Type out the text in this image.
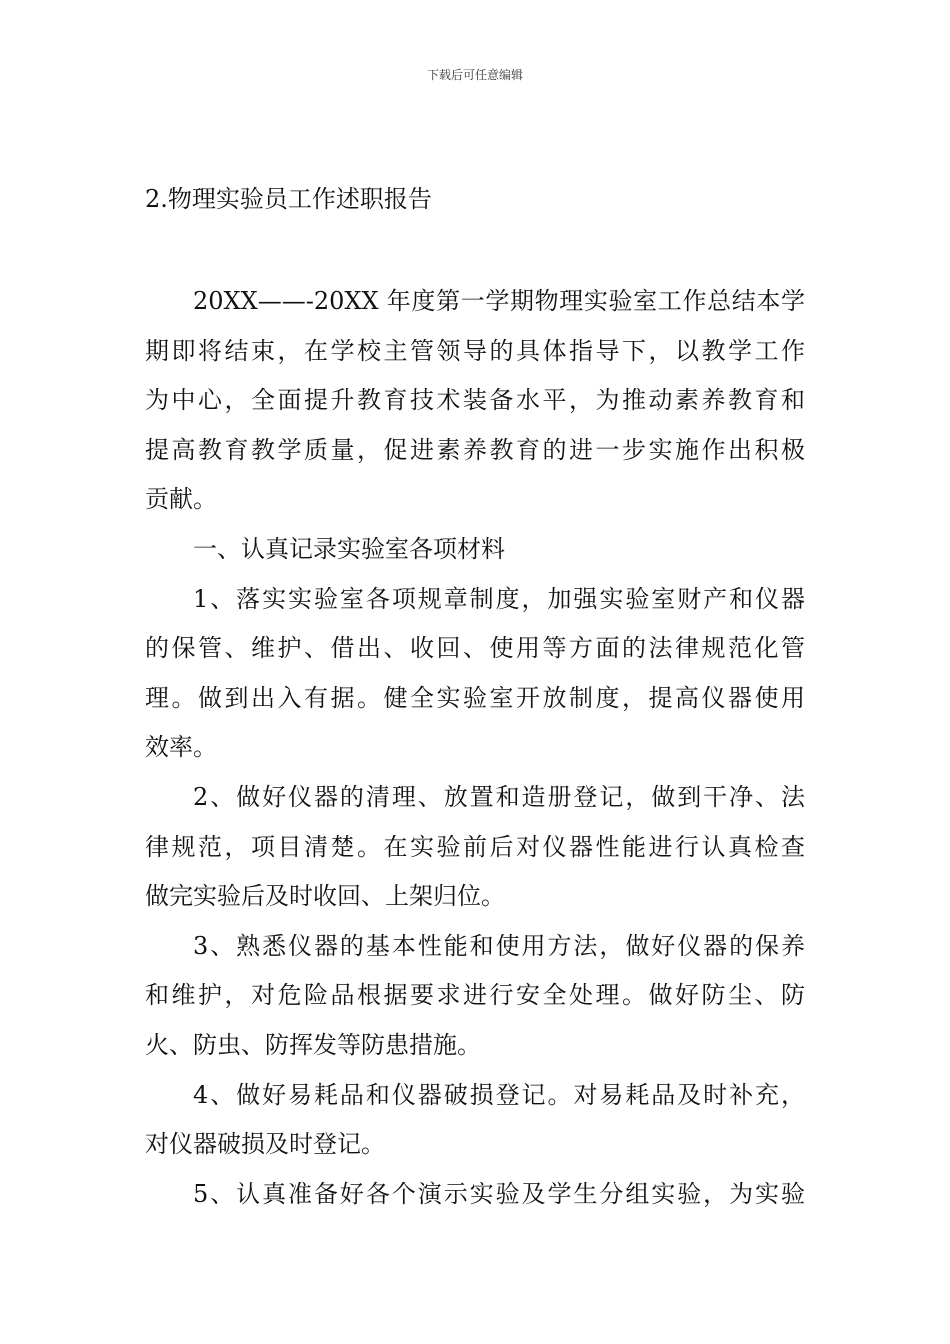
下载后可任意编辑
2.物理实验员工作述职报告
20XX——-20XX 年度第一学期物理实验室工作总结本学
期即将结束，在学校主管领导的具体指导下，以教学工作
为中心，全面提升教育技术装备水平，为推动素养教育和
提高教育教学质量，促进素养教育的进一步实施作出积极
贡献。
一、认真记录实验室各项材料
1、落实实验室各项规章制度，加强实验室财产和仪器
的保管、维护、借出、收回、使用等方面的法律规范化管
理。做到出入有据。健全实验室开放制度，提高仪器使用
效率。
2、做好仪器的清理、放置和造册登记，做到干净、法
律规范，项目清楚。在实验前后对仪器性能进行认真检查
做完实验后及时收回、上架归位。
3、熟悉仪器的基本性能和使用方法，做好仪器的保养
和维护，对危险品根据要求进行安全处理。做好防尘、防
火、防虫、防挥发等防患措施。
4、做好易耗品和仪器破损登记。对易耗品及时补充，
对仪器破损及时登记。
5、认真准备好各个演示实验及学生分组实验，为实验
